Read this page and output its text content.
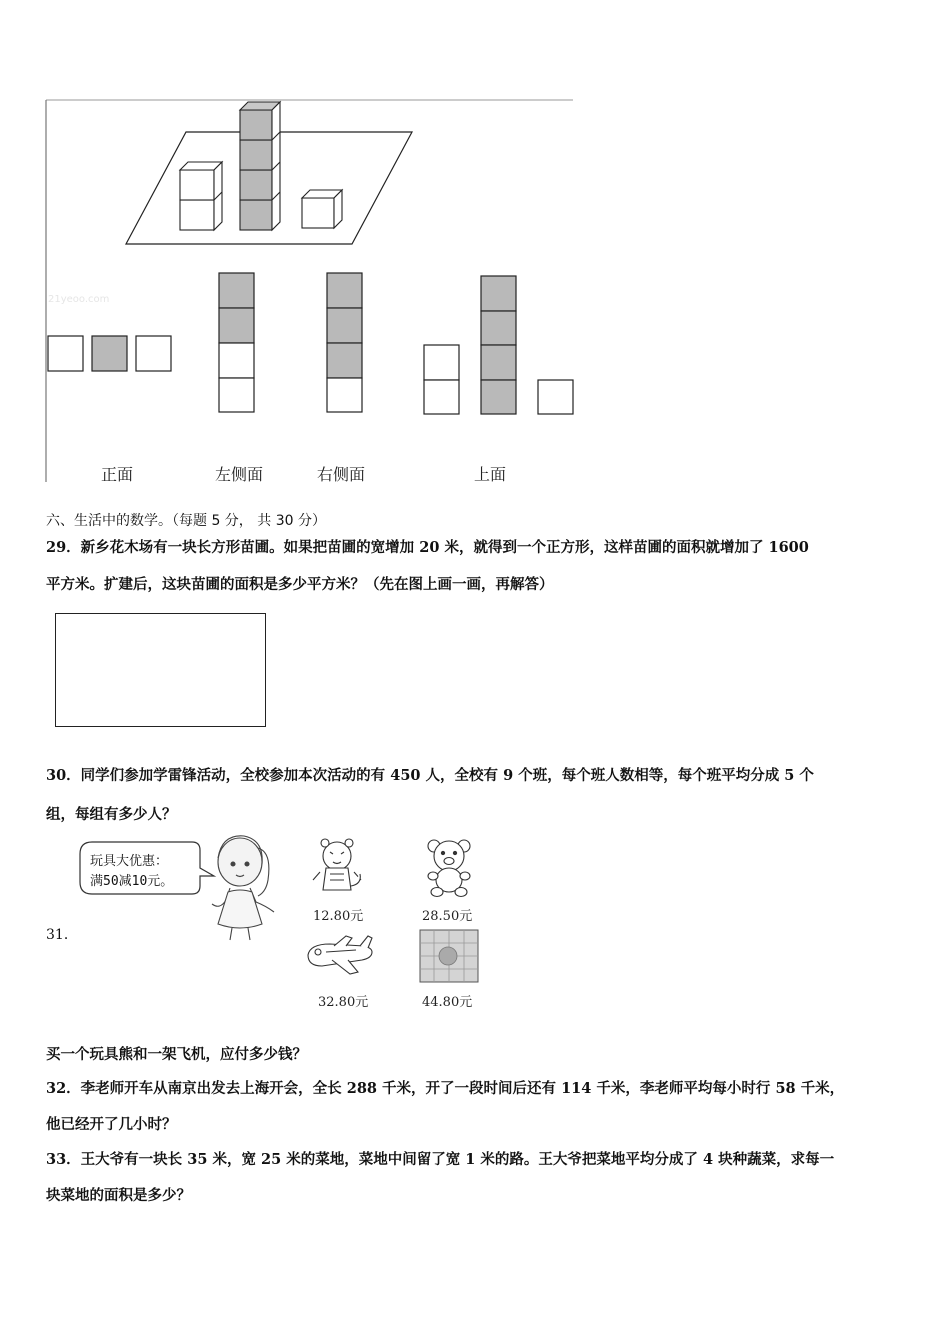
21yeoo.com
正面	左侧面	右侧面	上面
六、生活中的数学。（每题 5 分， 共 30 分）
29．新乡花木场有一块长方形苗圃。如果把苗圃的宽增加 20 米，就得到一个正方形，这样苗圃的面积就增加了 1600
平方米。扩建后，这块苗圃的面积是多少平方米？（先在图上画一画，再解答）
30．同学们参加学雷锋活动，全校参加本次活动的有 450 人，全校有 9 个班，每个班人数相等，每个班平均分成 5 个
组，每组有多少人？
31．
玩具大优惠：
满50减10元。
12.80元	28.50元
32.80元	44.80元
买一个玩具熊和一架飞机，应付多少钱？
32．李老师开车从南京出发去上海开会，全长 288 千米，开了一段时间后还有 114 千米，李老师平均每小时行 58 千米，
他已经开了几小时？
33．王大爷有一块长 35 米，宽 25 米的菜地，菜地中间留了宽 1 米的路。王大爷把菜地平均分成了 4 块种蔬菜，求每一
块菜地的面积是多少？
